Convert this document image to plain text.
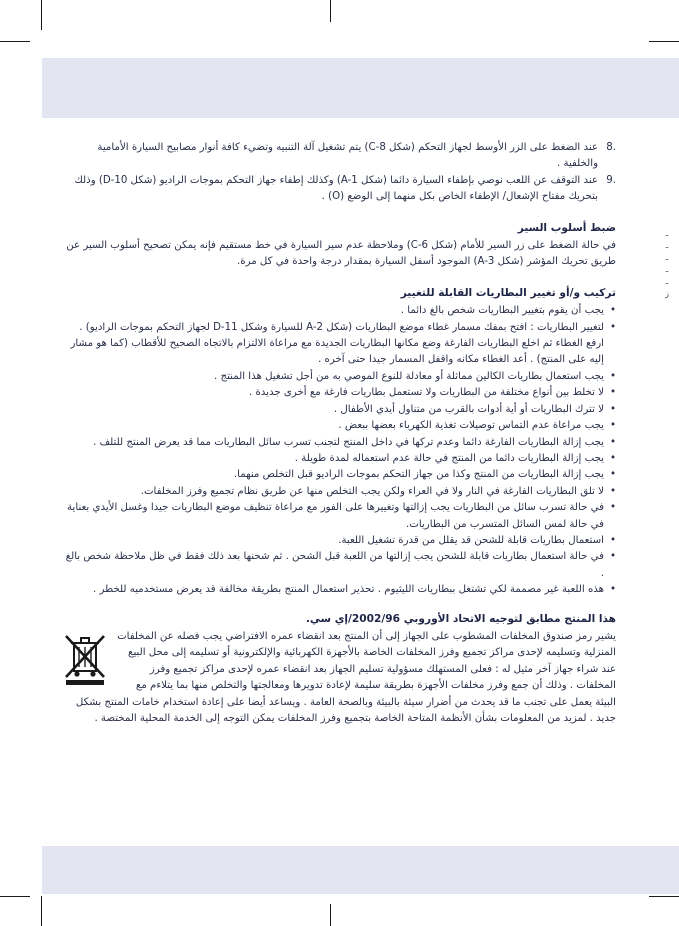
ـ
ـ
ـ
ـ
ـ
ز
8.
عند الضغط على الزر الأوسط لجهاز التحكم (شكل C-8) يتم تشغيل آلة التنبيه وتضيء كافة أنوار مصابيح السيارة الأمامية والخلفية .
9.
عند التوقف عن اللعب نوصي بإطفاء السيارة دائما (شكل A-1) وكذلك إطفاء جهاز التحكم بموجات الراديو (شكل D-10) وذلك بتحريك مفتاح الإشعال/ الإطفاء الخاص بكل منهما إلى الوضع (O) .
ضبط أسلوب السير

في حالة الضغط على زر السير للأمام (شكل C-6) وملاحظة عدم سير السيارة في خط مستقيم فإنه يمكن تصحيح أسلوب السير عن طريق تحريك المؤشر (شكل A-3) الموجود أسفل السيارة بمقدار درجة واحدة في كل مرة.

تركيب و/أو تغيير البطاريات القابلة للتغيير
• يجب أن يقوم بتغيير البطاريات شخص بالغ دائما .
• لتغيير البطاريات : افتح بمفك مسمار غطاء موضع البطاريات (شكل A-2 للسيارة وشكل D-11 لجهاز التحكم بموجات الراديو) . ارفع الغطاء ثم اخلع البطاريات الفارغة وضع مكانها البطاريات الجديدة مع مراعاة الالتزام بالاتجاه الصحيح للأقطاب (كما هو مشار إليه على المنتج) . أعد الغطاء مكانه واقفل المسمار جيدا حتى آخره .
• يجب استعمال بطاريات الكالين مماثلة أو معادلة للنوع الموصي به من أجل تشغيل هذا المنتج .
• لا تخلط بين أنواع مختلفة من البطاريات ولا تستعمل بطاريات فارغة مع أخرى جديدة .
• لا تترك البطاريات أو أية أدوات بالقرب من متناول أيدي الأطفال .
• يجب مراعاة عدم التماس توصيلات تغذية الكهرباء بعضها ببعض .
• يجب إزالة البطاريات الفارغة دائما وعدم تركها في داخل المنتج لتجنب تسرب سائل البطاريات مما قد يعرض المنتج للتلف .
• يجب إزالة البطاريات دائما من المنتج في حالة عدم استعماله لمدة طويلة .
• يجب إزالة البطاريات من المنتج وكذا من جهاز التحكم بموجات الراديو قبل التخلص منهما.
• لا تلق البطاريات الفارغة في النار ولا في العراء ولكن يجب التخلص منها عن طريق نظام تجميع وفرز المخلفات.
• في حالة تسرب سائل من البطاريات يجب إزالتها وتغييرها على الفور مع مراعاة تنظيف موضع البطاريات جيدا وغسل الأيدي بعناية في حالة لمس السائل المتسرب من البطاريات.
• استعمال بطاريات قابلة للشحن قد يقلل من قدرة تشغيل اللعبة.
• في حالة استعمال بطاريات قابلة للشحن يجب إزالتها من اللعبة قبل الشحن . ثم شحنها بعد ذلك فقط في ظل ملاحظة شخص بالغ .
• هذه اللعبة غير مصممة لكي تشتغل ببطاريات الليثيوم . تحذير استعمال المنتج بطريقة مخالفة قد يعرض مستخدميه للخطر .
هذا المنتج مطابق لتوجيه الاتحاد الأوروبي 2002/96/إي سي.

يشير رمز صندوق المخلفات المشطوب على الجهاز إلى أن المنتج بعد انقضاء عمره الافتراضي يجب فصله عن المخلفات المنزلية وتسليمه لإحدى مراكز تجميع وفرز المخلفات الخاصة بالأجهزة الكهربائية والإلكترونية أو تسليمه إلى محل البيع عند شراء جهاز آخر مثيل له : فعلى المستهلك مسؤولية تسليم الجهاز بعد انقضاء عمره لإحدى مراكز تجميع وفرز المخلفات . وذلك أن جمع وفرز مخلفات الأجهزة بطريقة سليمة لإعادة تدويرها ومعالجتها والتخلص منها بما يتلاءم مع البيئة يعمل على تجنب ما قد يحدث من أضرار سيئة بالبيئة وبالصحة العامة . ويساعد أيضا على إعادة استخدام خامات المنتج بشكل جديد . لمزيد من المعلومات بشأن الأنظمة المتاحة الخاصة بتجميع وفرز المخلفات يمكن التوجه إلى الخدمة المحلية المختصة .
